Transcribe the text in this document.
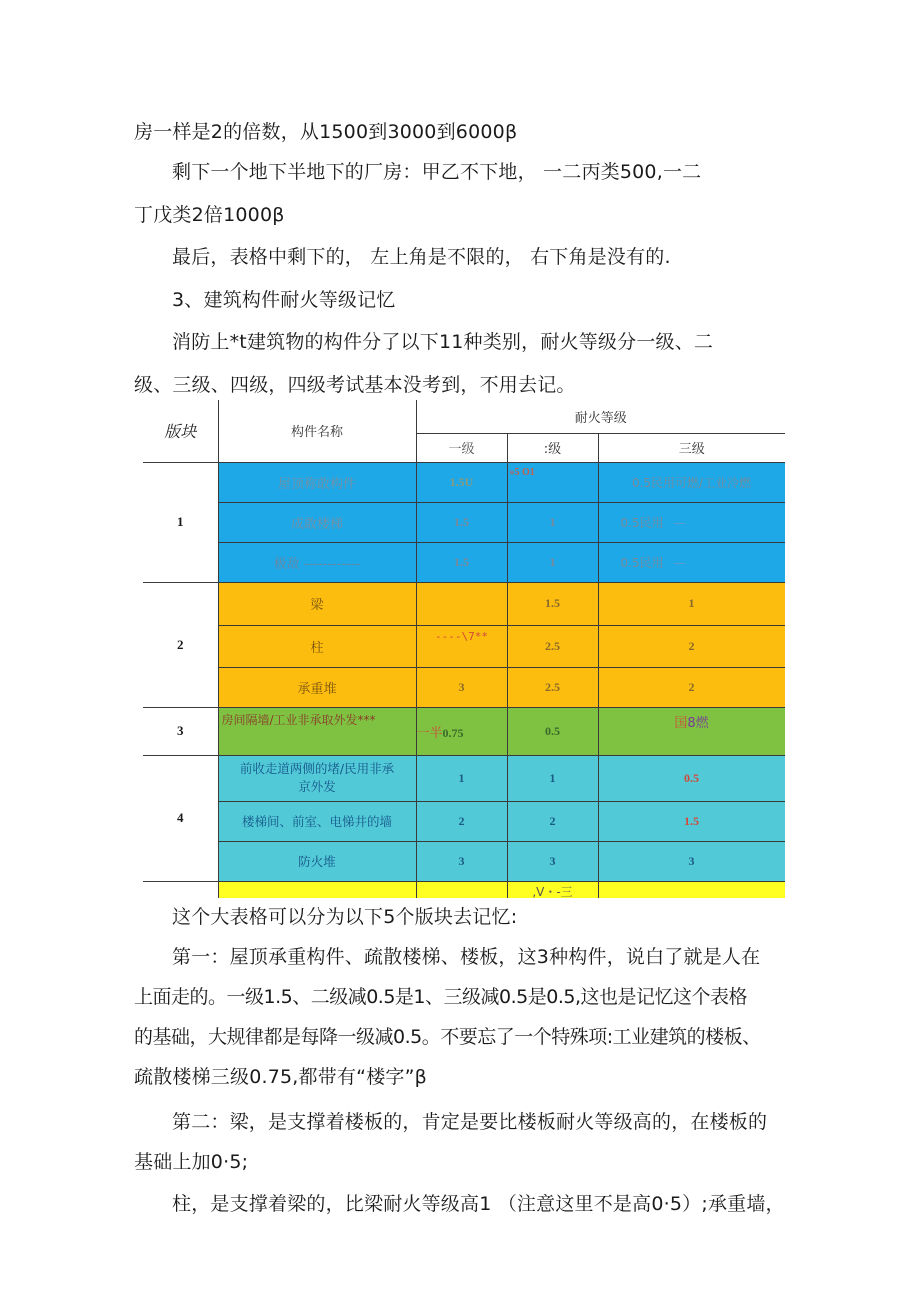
房一样是2的倍数，从1500到3000到6000β
剩下一个地下半地下的厂房：甲乙不下地， 一二丙类500,一二
丁戊类2倍1000β
最后，表格中剩下的， 左上角是不限的， 右下角是没有的.
3、建筑构件耐火等级记忆
消防上*t建筑物的构件分了以下11种类别，耐火等级分一级、二
级、三级、四级，四级考试基本没考到，不用去记。
版块	构件名称	耐火等级		
		一级	:级	三级
1	屋顶称敢构件	1.5U	»5 O1	0.5民用可燃/工业冷燃
	成敢楼梯	1.5	1	0.5民用 —
	极敌 ------------	1.5	1	0.5民用 —
2	梁		1.5	1
	柱	----\7**	2.5	2
	承重堆	3	2.5	2
3	房间隔墙/工业非承取外发***	一半0.75	0.5	国8燃
4	前收走道两侧的堵/民用非承
京外发	1	1	0.5
	楼梯间、前室、电悌井的墙	2	2	1.5
	防火堆	3	3	3
			,V・-三	
这个大表格可以分为以下5个版块去记忆:
第一：屋顶承重构件、疏散楼梯、楼板，这3种构件，说白了就是人在
上面走的。一级1.5、二级减0.5是1、三级减0.5是0.5,这也是记忆这个表格
的基础，大规律都是每降一级减0.5。不要忘了一个特殊项:工业建筑的楼板、
疏散楼梯三级0.75,都带有“楼字”β
第二：梁，是支撑着楼板的，肯定是要比楼板耐火等级高的，在楼板的
基础上加0·5;
柱，是支撑着梁的，比梁耐火等级高1 （注意这里不是高0·5）;承重墙，
